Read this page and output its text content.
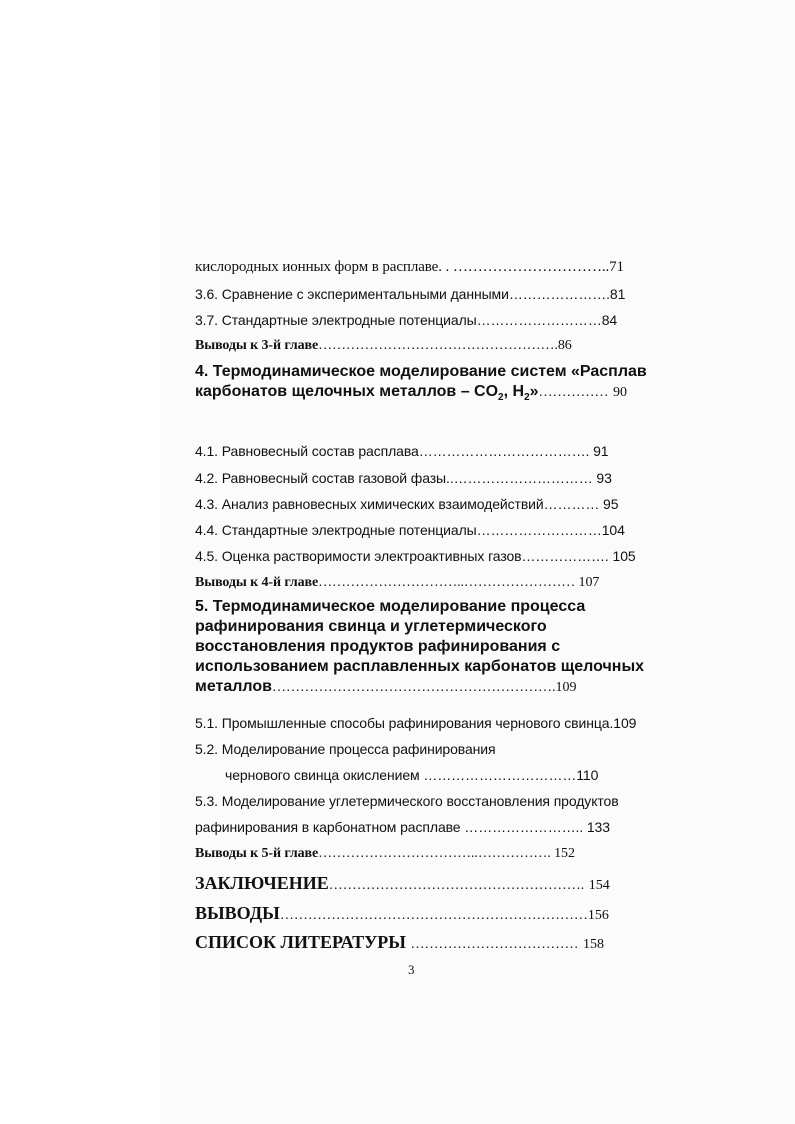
кислородных ионных форм в расплаве. . …………………………..71
3.6. Сравнение с экспериментальными данными………………….81
3.7. Стандартные электродные потенциалы………………………84
Выводы к 3-й главе…………………………………………….86
4. Термодинамическое моделирование систем «Расплав
карбонатов щелочных металлов – $CO_2$, $H_2»\dots\dots\dots\dots\dots$ 90
4.1. Равновесный состав расплава………………………………. 91
4.2. Равновесный состав газовой фазы..………………………… 93
4.3. Анализ равновесных химических взаимодействий………… 95
4.4. Стандартные электродные потенциалы………………………104
4.5. Оценка растворимости электроактивных газов………………. 105
Выводы к 4-й главе…………………………..…………………… 107
5. Термодинамическое моделирование процесса
рафинирования свинца и углетермического
восстановления продуктов рафинирования с
использованием расплавленных карбонатов щелочных
металлов…………………………………………………….109
5.1. Промышленные способы рафинирования чернового свинца.109
5.2. Моделирование процесса рафинирования
чернового свинца окислением ……………………………110
5.3. Моделирование углетермического восстановления продуктов
рафинирования в карбонатном расплаве …………………….. 133
Выводы к 5-й главе……………………………..……………. 152
ЗАКЛЮЧЕНИЕ………………………………………………. 154
ВЫВОДЫ…………………………………………………………156
СПИСОК ЛИТЕРАТУРЫ ……………………………… 158
3
